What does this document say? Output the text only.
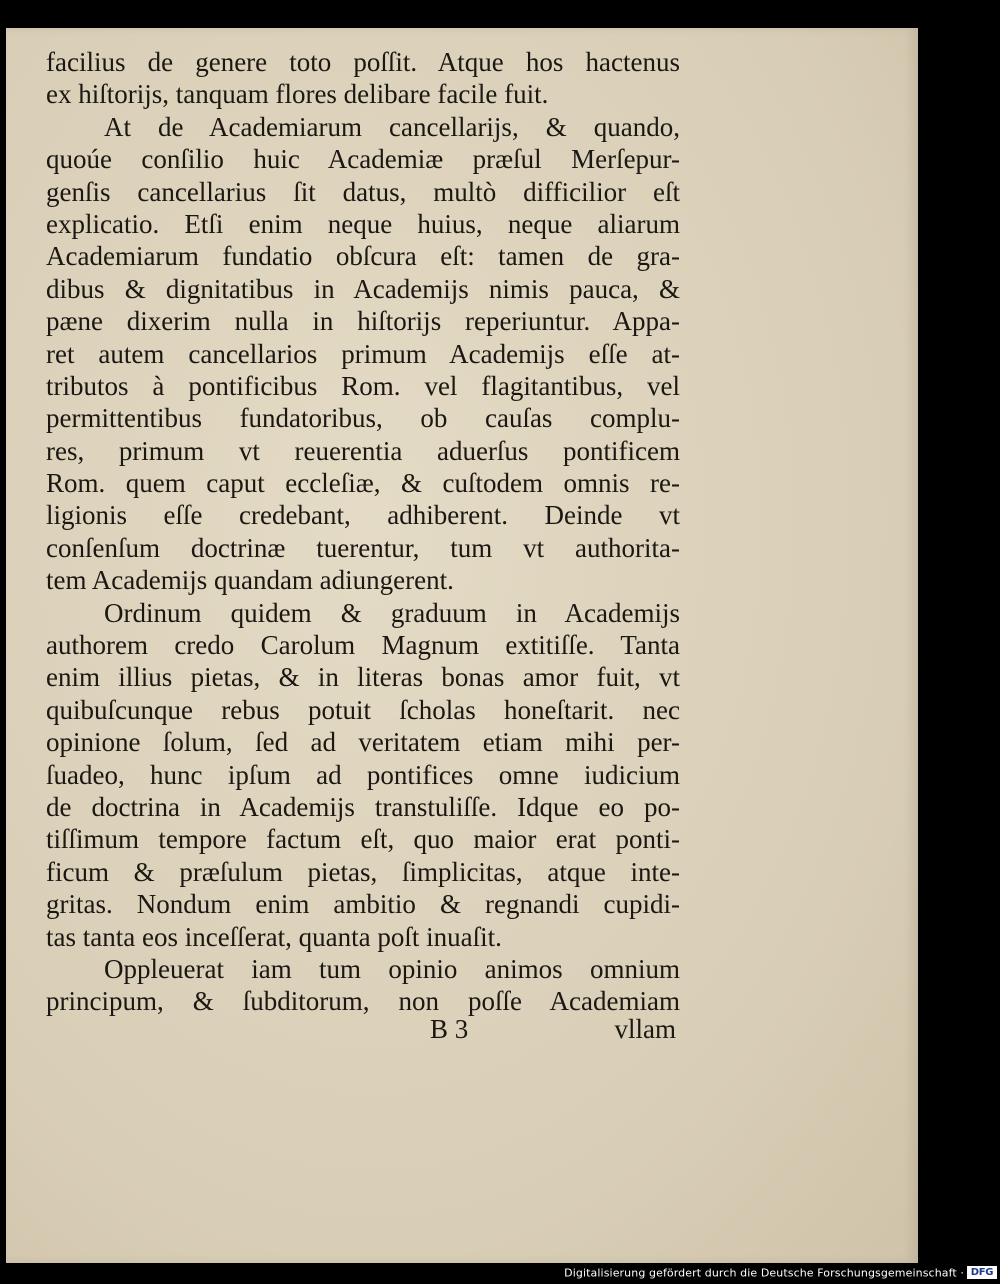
facilius de genere toto poſſit. Atque hos hactenus
ex hiſtorijs, tanquam flores delibare facile fuit.
At de Academiarum cancellarijs, & quando,
quoúe conſilio huic Academiæ præſul Merſepur-
genſis cancellarius ſit datus, multò difficilior eſt
explicatio. Etſi enim neque huius, neque aliarum
Academiarum fundatio obſcura eſt: tamen de gra-
dibus & dignitatibus in Academijs nimis pauca, &
pæne dixerim nulla in hiſtorijs reperiuntur. Appa-
ret autem cancellarios primum Academijs eſſe at-
tributos à pontificibus Rom. vel flagitantibus, vel
permittentibus fundatoribus, ob cauſas complu-
res, primum vt reuerentia aduerſus pontificem
Rom. quem caput eccleſiæ, & cuſtodem omnis re-
ligionis eſſe credebant, adhiberent. Deinde vt
conſenſum doctrinæ tuerentur, tum vt authorita-
tem Academijs quandam adiungerent.
Ordinum quidem & graduum in Academijs
authorem credo Carolum Magnum extitiſſe. Tanta
enim illius pietas, & in literas bonas amor fuit, vt
quibuſcunque rebus potuit ſcholas honeſtarit. nec
opinione ſolum, ſed ad veritatem etiam mihi per-
ſuadeo, hunc ipſum ad pontifices omne iudicium
de doctrina in Academijs transtuliſſe. Idque eo po-
tiſſimum tempore factum eſt, quo maior erat ponti-
ficum & præſulum pietas, ſimplicitas, atque inte-
gritas. Nondum enim ambitio & regnandi cupidi-
tas tanta eos inceſſerat, quanta poſt inuaſit.
Oppleuerat iam tum opinio animos omnium
principum, & ſubditorum, non poſſe Academiam
B 3	vllam
Digitalisierung gefördert durch die Deutsche Forschungsgemeinschaft · DFG
